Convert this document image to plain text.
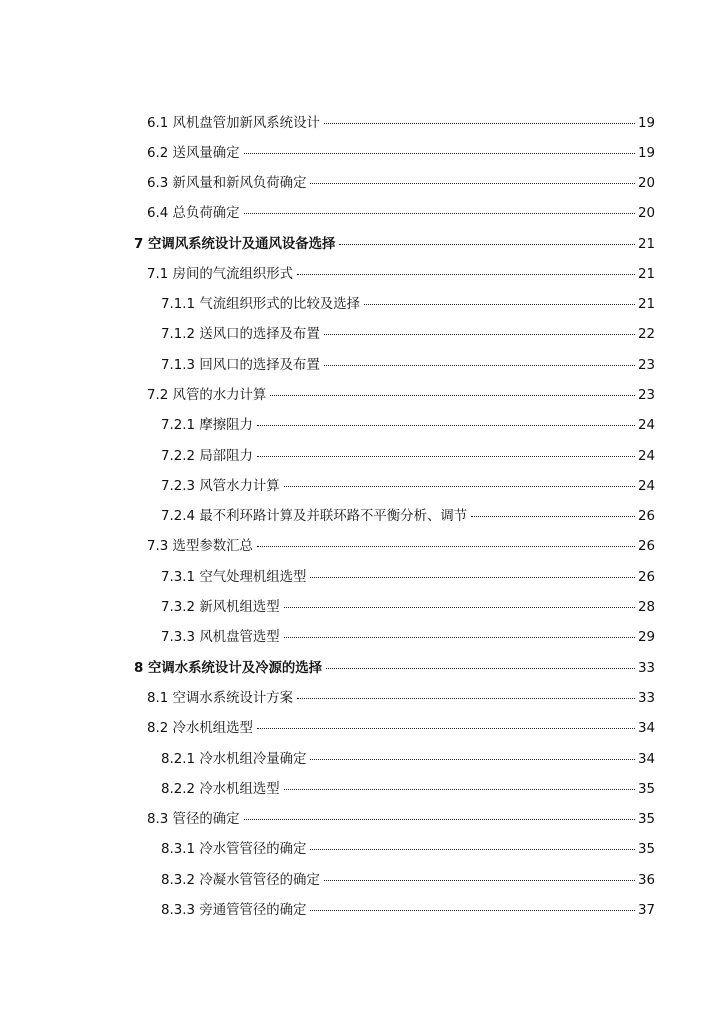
6.1 风机盘管加新风系统设计	19
6.2 送风量确定	19
6.3 新风量和新风负荷确定	20
6.4 总负荷确定	20
7 空调风系统设计及通风设备选择	21
7.1 房间的气流组织形式	21
7.1.1 气流组织形式的比较及选择	21
7.1.2 送风口的选择及布置	22
7.1.3 回风口的选择及布置	23
7.2 风管的水力计算	23
7.2.1 摩擦阻力	24
7.2.2 局部阻力	24
7.2.3 风管水力计算	24
7.2.4 最不利环路计算及并联环路不平衡分析、调节	26
7.3 选型参数汇总	26
7.3.1 空气处理机组选型	26
7.3.2 新风机组选型	28
7.3.3 风机盘管选型	29
8 空调水系统设计及冷源的选择	33
8.1 空调水系统设计方案	33
8.2 冷水机组选型	34
8.2.1 冷水机组冷量确定	34
8.2.2 冷水机组选型	35
8.3 管径的确定	35
8.3.1 冷水管管径的确定	35
8.3.2 冷凝水管管径的确定	36
8.3.3 旁通管管径的确定	37
